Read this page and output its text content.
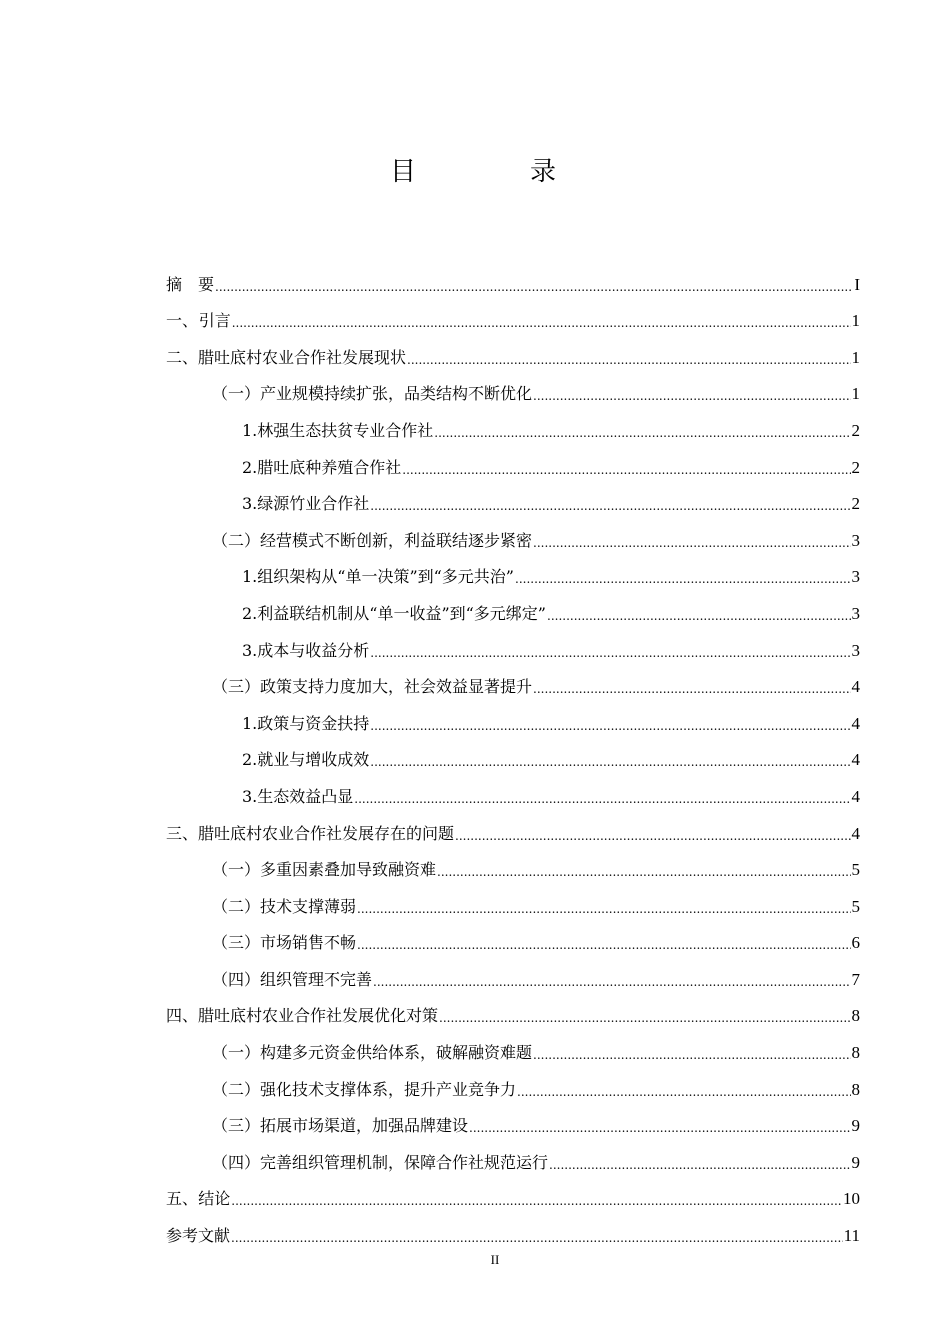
目　录
摘　要 .....	I
一、 引言 .....	1
二、 腊吐底村农业合作社发展现状 .....	1
（一） 产业规模持续扩张，品类结构不断优化 .....	1
1. 林强生态扶贫专业合作社 .....	2
2. 腊吐底种养殖合作社 .....	2
3. 绿源竹业合作社 .....	2
（二） 经营模式不断创新，利益联结逐步紧密 .....	3
1. 组织架构从“单一决策”到“多元共治” .....	3
2. 利益联结机制从“单一收益”到“多元绑定” .....	3
3. 成本与收益分析 .....	3
（三） 政策支持力度加大，社会效益显著提升 .....	4
1. 政策与资金扶持 .....	4
2. 就业与增收成效 .....	4
3. 生态效益凸显 .....	4
三、 腊吐底村农业合作社发展存在的问题 .....	4
（一） 多重因素叠加导致融资难 .....	5
（二） 技术支撑薄弱 .....	5
（三） 市场销售不畅 .....	6
（四） 组织管理不完善 .....	7
四、 腊吐底村农业合作社发展优化对策 .....	8
（一） 构建多元资金供给体系，破解融资难题 .....	8
（二） 强化技术支撑体系，提升产业竞争力 .....	8
（三） 拓展市场渠道，加强品牌建设 .....	9
（四） 完善组织管理机制，保障合作社规范运行 .....	9
五、 结论 .....	10
参考文献 .....	11
II
